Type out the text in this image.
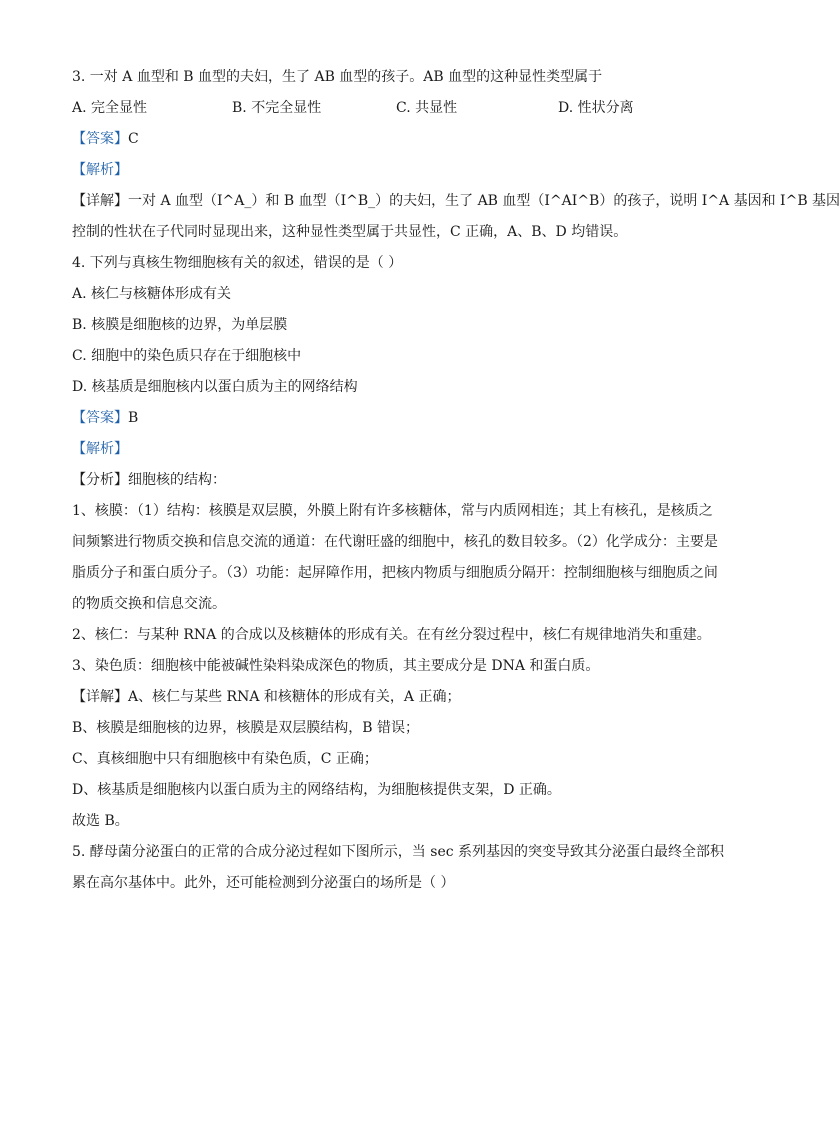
3. 一对 A 血型和 B 血型的夫妇，生了 AB 血型的孩子。AB 血型的这种显性类型属于
A. 完全显性	B. 不完全显性	C. 共显性	D. 性状分离
【答案】C
【解析】
【详解】一对 A 血型（I^A_）和 B 血型（I^B_）的夫妇，生了 AB 血型（I^AI^B）的孩子，说明 I^A 基因和 I^B 基因
控制的性状在子代同时显现出来，这种显性类型属于共显性，C 正确，A、B、D 均错误。
4. 下列与真核生物细胞核有关的叙述，错误的是（ ）
A. 核仁与核糖体形成有关
B. 核膜是细胞核的边界，为单层膜
C. 细胞中的染色质只存在于细胞核中
D. 核基质是细胞核内以蛋白质为主的网络结构
【答案】B
【解析】
【分析】细胞核的结构：
1、核膜：（1）结构：核膜是双层膜，外膜上附有许多核糖体，常与内质网相连；其上有核孔，是核质之
间频繁进行物质交换和信息交流的通道：在代谢旺盛的细胞中，核孔的数目较多。（2）化学成分：主要是
脂质分子和蛋白质分子。（3）功能：起屏障作用，把核内物质与细胞质分隔开：控制细胞核与细胞质之间
的物质交换和信息交流。
2、核仁：与某种 RNA 的合成以及核糖体的形成有关。在有丝分裂过程中，核仁有规律地消失和重建。
3、染色质：细胞核中能被碱性染料染成深色的物质，其主要成分是 DNA 和蛋白质。
【详解】A、核仁与某些 RNA 和核糖体的形成有关，A 正确；
B、核膜是细胞核的边界，核膜是双层膜结构，B 错误；
C、真核细胞中只有细胞核中有染色质，C 正确；
D、核基质是细胞核内以蛋白质为主的网络结构，为细胞核提供支架，D 正确。
故选 B。
5. 酵母菌分泌蛋白的正常的合成分泌过程如下图所示，当 sec 系列基因的突变导致其分泌蛋白最终全部积
累在高尔基体中。此外，还可能检测到分泌蛋白的场所是（ ）
